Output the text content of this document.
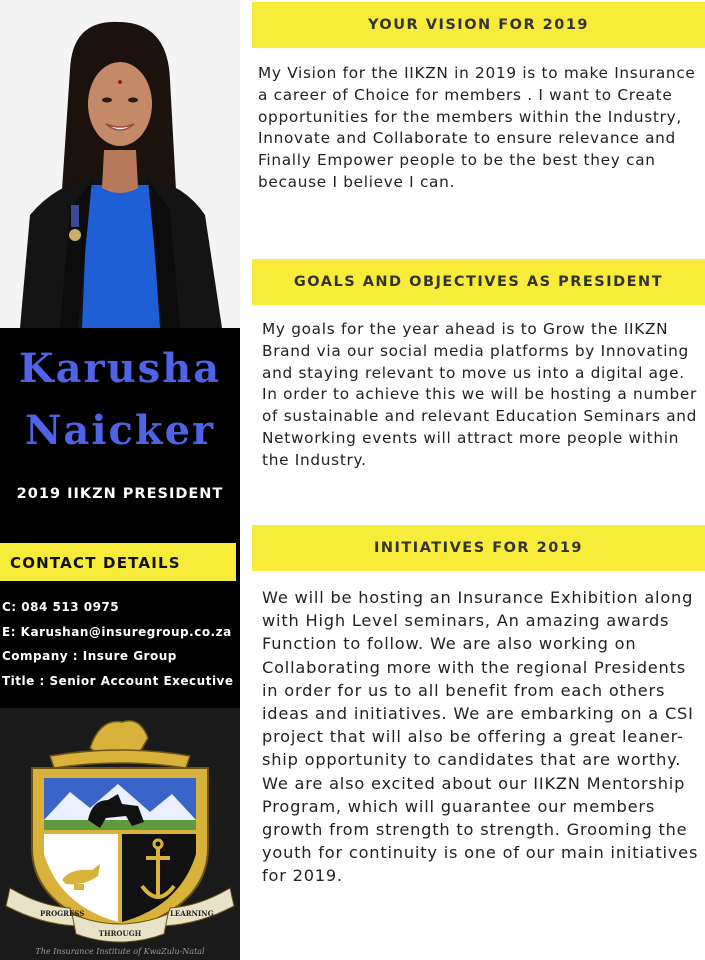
Karusha
Naicker
2019 IIKZN PRESIDENT
CONTACT DETAILS
C: 084 513 0975
E: Karushan@insuregroup.co.za
Company : Insure Group
Title : Senior Account Executive
PROGRESS
THROUGH
LEARNING
The Insurance Institute of KwaZulu-Natal
YOUR VISION FOR 2019
My Vision for the IIKZN in 2019 is to make Insurance a career of Choice for members . I want to Create opportunities for the members within the Industry, Innovate and Collaborate to ensure relevance and Finally Empower people to be the best they can because I believe I can.
GOALS AND OBJECTIVES AS PRESIDENT
My goals for the year ahead is to Grow the IIKZN Brand via our social media platforms by Innovating and staying relevant to move us into a digital age. In order to achieve this we will be hosting a number of sustainable and relevant Education Seminars and Networking events will attract more people within the Industry.
INITIATIVES FOR 2019
We will be hosting an Insurance Exhibition along with High Level seminars, An amazing awards Function to follow. We are also working on Collaborating more with the regional Presidents in order for us to all benefit from each others ideas and initiatives. We are embarking on a CSI project that will also be offering a great leaner-ship opportunity to candidates that are worthy. We are also excited about our IIKZN Mentorship Program, which will guarantee our members growth from strength to strength. Grooming the youth for continuity is one of our main initiatives for 2019.
